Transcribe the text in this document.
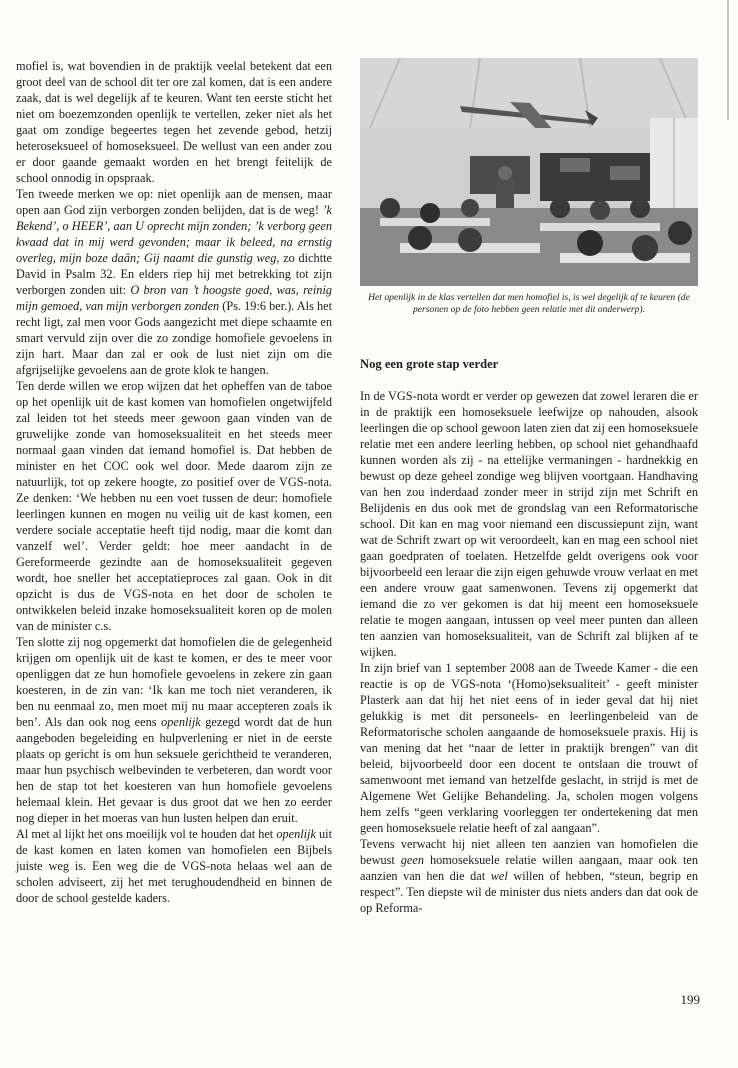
mofiel is, wat bovendien in de praktijk veelal betekent dat een groot deel van de school dit ter ore zal komen, dat is een andere zaak, dat is wel degelijk af te keuren. Want ten eerste sticht het niet om boezemzonden openlijk te vertellen, zeker niet als het gaat om zondige begeertes tegen het zevende gebod, hetzij heteroseksueel of homoseksueel. De wellust van een ander zou er door gaande gemaakt worden en het brengt feitelijk de school onnodig in opspraak.

Ten tweede merken we op: niet openlijk aan de mensen, maar open aan God zijn verborgen zonden belijden, dat is de weg! ’k Bekend’, o HEER’, aan U oprecht mijn zonden; ’k verborg geen kwaad dat in mij werd gevonden; maar ik beleed, na ernstig overleg, mijn boze daân; Gij naamt die gunstig weg, zo dichtte David in Psalm 32. En elders riep hij met betrekking tot zijn verborgen zonden uit: O bron van ’t hoogste goed, was, reinig mijn gemoed, van mijn verborgen zonden (Ps. 19:6 ber.). Als het recht ligt, zal men voor Gods aangezicht met diepe schaamte en smart vervuld zijn over die zo zondige homofiele gevoelens in zijn hart. Maar dan zal er ook de lust niet zijn om die afgrijselijke gevoelens aan de grote klok te hangen.

Ten derde willen we erop wijzen dat het opheffen van de taboe op het openlijk uit de kast komen van homofielen ongetwijfeld zal leiden tot het steeds meer gewoon gaan vinden van de gruwelijke zonde van homoseksualiteit en het steeds meer normaal gaan vinden dat iemand homofiel is. Dat hebben de minister en het COC ook wel door. Mede daarom zijn ze natuurlijk, tot op zekere hoogte, zo positief over de VGS-nota. Ze denken: ‘We hebben nu een voet tussen de deur: homofiele leerlingen kunnen en mogen nu veilig uit de kast komen, een verdere sociale acceptatie heeft tijd nodig, maar die komt dan vanzelf wel’. Verder geldt: hoe meer aandacht in de Gereformeerde gezindte aan de homoseksualiteit gegeven wordt, hoe sneller het acceptatieproces zal gaan. Ook in dit opzicht is dus de VGS-nota en het door de scholen te ontwikkelen beleid inzake homoseksualiteit koren op de molen van de minister c.s.

Ten slotte zij nog opgemerkt dat homofielen die de gelegenheid krijgen om openlijk uit de kast te komen, er des te meer voor openliggen dat ze hun homofiele gevoelens in zekere zin gaan koesteren, in de zin van: ‘Ik kan me toch niet veranderen, ik ben nu eenmaal zo, men moet mij nu maar accepteren zoals ik ben’. Als dan ook nog eens openlijk gezegd wordt dat de hun aangeboden begeleiding en hulpverlening er niet in de eerste plaats op gericht is om hun seksuele gerichtheid te veranderen, maar hun psychisch welbevinden te verbeteren, dan wordt voor hen de stap tot het koesteren van hun homofiele gevoelens helemaal klein. Het gevaar is dus groot dat we hen zo eerder nog dieper in het moeras van hun lusten helpen dan eruit.

Al met al lijkt het ons moeilijk vol te houden dat het openlijk uit de kast komen en laten komen van homofielen een Bijbels juiste weg is. Een weg die de VGS-nota helaas wel aan de scholen adviseert, zij het met terughoudendheid en binnen de door de school gestelde kaders.

Het openlijk in de klas vertellen dat men homofiel is, is wel degelijk af te keuren (de personen op de foto hebben geen relatie met dit onderwerp).
Nog een grote stap verder

In de VGS-nota wordt er verder op gewezen dat zowel leraren die er in de praktijk een homoseksuele leefwijze op nahouden, alsook leerlingen die op school gewoon laten zien dat zij een homoseksuele relatie met een andere leerling hebben, op school niet gehandhaafd kunnen worden als zij - na ettelijke vermaningen - hardnekkig en bewust op deze geheel zondige weg blijven voortgaan. Handhaving van hen zou inderdaad zonder meer in strijd zijn met Schrift en Belijdenis en dus ook met de grondslag van een Reformatorische school. Dit kan en mag voor niemand een discussiepunt zijn, want wat de Schrift zwart op wit veroordeelt, kan en mag een school niet gaan goedpraten of toelaten. Hetzelfde geldt overigens ook voor bijvoorbeeld een leraar die zijn eigen gehuwde vrouw verlaat en met een andere vrouw gaat samenwonen. Tevens zij opgemerkt dat iemand die zo ver gekomen is dat hij meent een homoseksuele relatie te mogen aangaan, intussen op veel meer punten dan alleen ten aanzien van homoseksualiteit, van de Schrift zal blijken af te wijken.

In zijn brief van 1 september 2008 aan de Tweede Kamer - die een reactie is op de VGS-nota ‘(Homo)seksualiteit’ - geeft minister Plasterk aan dat hij het niet eens of in ieder geval dat hij niet gelukkig is met dit personeels- en leerlingenbeleid van de Reformatorische scholen aangaande de homoseksuele praxis. Hij is van mening dat het “naar de letter in praktijk brengen” van dit beleid, bijvoorbeeld door een docent te ontslaan die trouwt of samenwoont met iemand van hetzelfde geslacht, in strijd is met de Algemene Wet Gelijke Behandeling. Ja, scholen mogen volgens hem zelfs “geen verklaring voorleggen ter ondertekening dat men geen homoseksuele relatie heeft of zal aangaan”.

Tevens verwacht hij niet alleen ten aanzien van homofielen die bewust geen homoseksuele relatie willen aangaan, maar ook ten aanzien van hen die dat wel willen of hebben, “steun, begrip en respect”. Ten diepste wil de minister dus niets anders dan dat ook de op Reforma-

199
